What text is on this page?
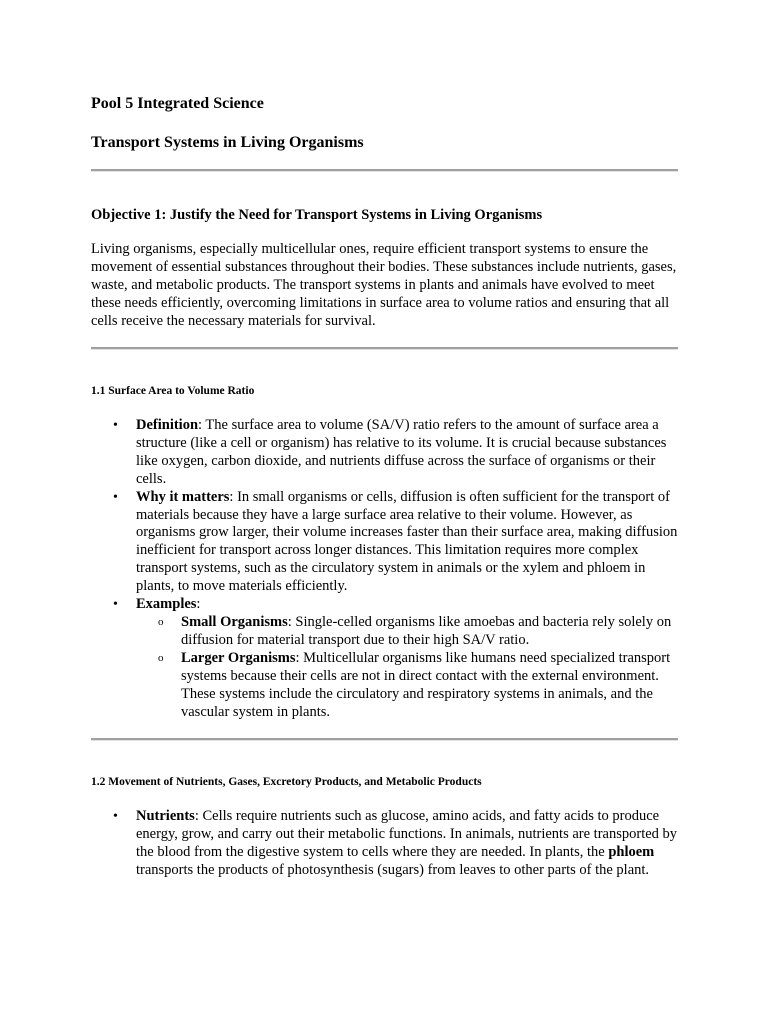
Pool 5 Integrated Science
Transport Systems in Living Organisms
Objective 1: Justify the Need for Transport Systems in Living Organisms

Living organisms, especially multicellular ones, require efficient transport systems to ensure the movement of essential substances throughout their bodies. These substances include nutrients, gases, waste, and metabolic products. The transport systems in plants and animals have evolved to meet these needs efficiently, overcoming limitations in surface area to volume ratios and ensuring that all cells receive the necessary materials for survival.

1.1 Surface Area to Volume Ratio
• Definition: The surface area to volume (SA/V) ratio refers to the amount of surface area a structure (like a cell or organism) has relative to its volume. It is crucial because substances like oxygen, carbon dioxide, and nutrients diffuse across the surface of organisms or their cells.
• Why it matters: In small organisms or cells, diffusion is often sufficient for the transport of materials because they have a large surface area relative to their volume. However, as organisms grow larger, their volume increases faster than their surface area, making diffusion inefficient for transport across longer distances. This limitation requires more complex transport systems, such as the circulatory system in animals or the xylem and phloem in plants, to move materials efficiently.
• Examples:
o Small Organisms: Single-celled organisms like amoebas and bacteria rely solely on diffusion for material transport due to their high SA/V ratio.
o Larger Organisms: Multicellular organisms like humans need specialized transport systems because their cells are not in direct contact with the external environment. These systems include the circulatory and respiratory systems in animals, and the vascular system in plants.
1.2 Movement of Nutrients, Gases, Excretory Products, and Metabolic Products
• Nutrients: Cells require nutrients such as glucose, amino acids, and fatty acids to produce energy, grow, and carry out their metabolic functions. In animals, nutrients are transported by the blood from the digestive system to cells where they are needed. In plants, the phloem transports the products of photosynthesis (sugars) from leaves to other parts of the plant.
